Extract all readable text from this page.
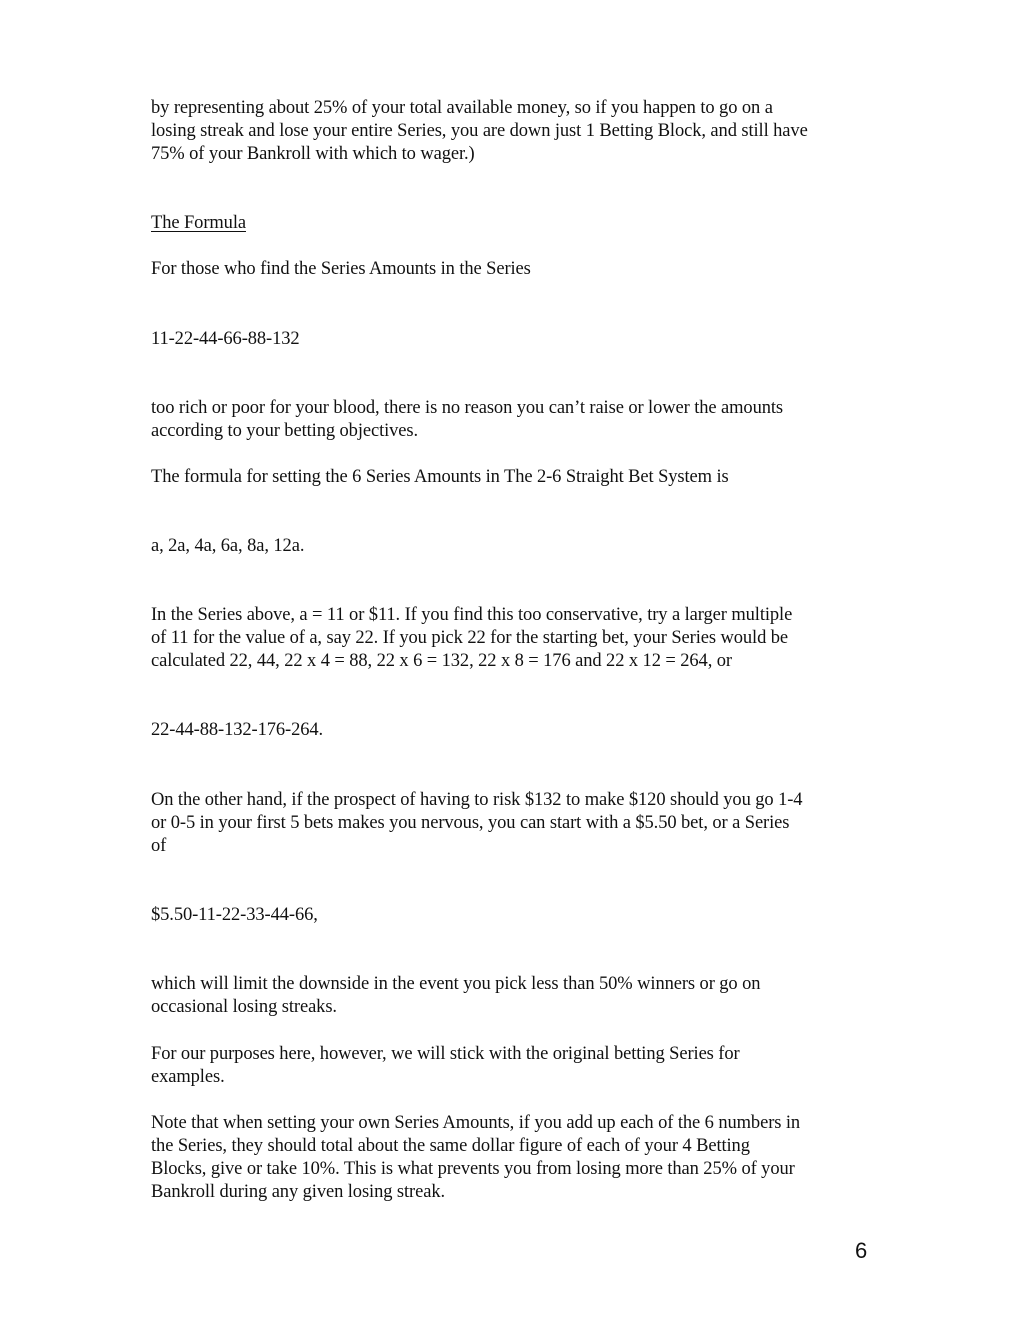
by representing about 25% of your total available money, so if you happen to go on a
losing streak and lose your entire Series, you are down just 1 Betting Block, and still have
75% of your Bankroll with which to wager.)
The Formula
For those who find the Series Amounts in the Series
11-22-44-66-88-132
too rich or poor for your blood, there is no reason you can’t raise or lower the amounts
according to your betting objectives.
The formula for setting the 6 Series Amounts in The 2-6 Straight Bet System is
a, 2a, 4a, 6a, 8a, 12a.
In the Series above, a = 11 or $11. If you find this too conservative, try a larger multiple
of 11 for the value of a, say 22. If you pick 22 for the starting bet, your Series would be
calculated 22, 44, 22 x 4 = 88, 22 x 6 = 132, 22 x 8 = 176 and 22 x 12 = 264, or
22-44-88-132-176-264.
On the other hand, if the prospect of having to risk $132 to make $120 should you go 1-4
or 0-5 in your first 5 bets makes you nervous, you can start with a $5.50 bet, or a Series
of
$5.50-11-22-33-44-66,
which will limit the downside in the event you pick less than 50% winners or go on
occasional losing streaks.
For our purposes here, however, we will stick with the original betting Series for
examples.
Note that when setting your own Series Amounts, if you add up each of the 6 numbers in
the Series, they should total about the same dollar figure of each of your 4 Betting
Blocks, give or take 10%. This is what prevents you from losing more than 25% of your
Bankroll during any given losing streak.
6
